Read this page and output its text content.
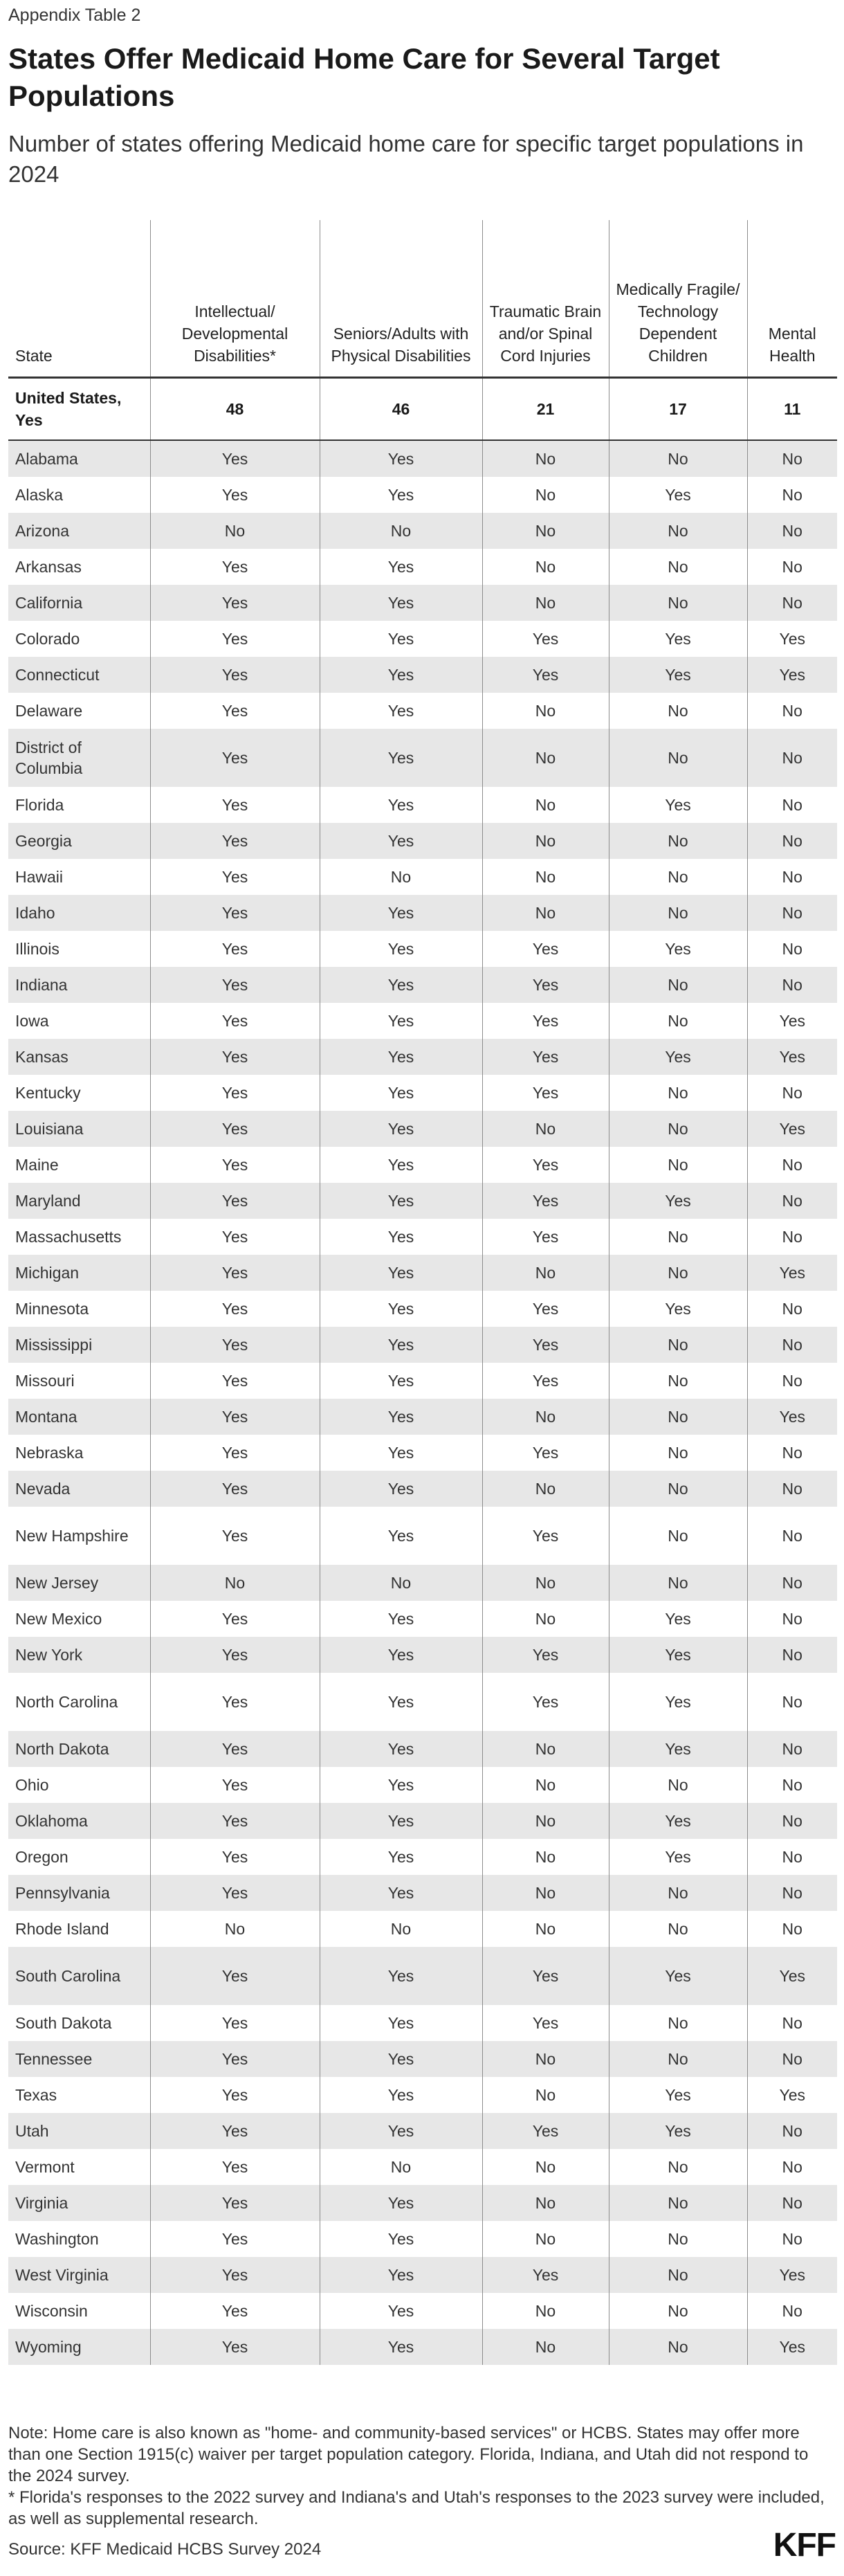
Appendix Table 2
States Offer Medicaid Home Care for Several Target Populations
Number of states offering Medicaid home care for specific target populations in 2024
State	Intellectual/ Developmental Disabilities*	Seniors/Adults with Physical Disabilities	Traumatic Brain and/or Spinal Cord Injuries	Medically Fragile/ Technology Dependent Children	Mental Health
United States, Yes	48	46	21	17	11
Alabama	Yes	Yes	No	No	No
Alaska	Yes	Yes	No	Yes	No
Arizona	No	No	No	No	No
Arkansas	Yes	Yes	No	No	No
California	Yes	Yes	No	No	No
Colorado	Yes	Yes	Yes	Yes	Yes
Connecticut	Yes	Yes	Yes	Yes	Yes
Delaware	Yes	Yes	No	No	No
District of Columbia	Yes	Yes	No	No	No
Florida	Yes	Yes	No	Yes	No
Georgia	Yes	Yes	No	No	No
Hawaii	Yes	No	No	No	No
Idaho	Yes	Yes	No	No	No
Illinois	Yes	Yes	Yes	Yes	No
Indiana	Yes	Yes	Yes	No	No
Iowa	Yes	Yes	Yes	No	Yes
Kansas	Yes	Yes	Yes	Yes	Yes
Kentucky	Yes	Yes	Yes	No	No
Louisiana	Yes	Yes	No	No	Yes
Maine	Yes	Yes	Yes	No	No
Maryland	Yes	Yes	Yes	Yes	No
Massachusetts	Yes	Yes	Yes	No	No
Michigan	Yes	Yes	No	No	Yes
Minnesota	Yes	Yes	Yes	Yes	No
Mississippi	Yes	Yes	Yes	No	No
Missouri	Yes	Yes	Yes	No	No
Montana	Yes	Yes	No	No	Yes
Nebraska	Yes	Yes	Yes	No	No
Nevada	Yes	Yes	No	No	No
New Hampshire	Yes	Yes	Yes	No	No
New Jersey	No	No	No	No	No
New Mexico	Yes	Yes	No	Yes	No
New York	Yes	Yes	Yes	Yes	No
North Carolina	Yes	Yes	Yes	Yes	No
North Dakota	Yes	Yes	No	Yes	No
Ohio	Yes	Yes	No	No	No
Oklahoma	Yes	Yes	No	Yes	No
Oregon	Yes	Yes	No	Yes	No
Pennsylvania	Yes	Yes	No	No	No
Rhode Island	No	No	No	No	No
South Carolina	Yes	Yes	Yes	Yes	Yes
South Dakota	Yes	Yes	Yes	No	No
Tennessee	Yes	Yes	No	No	No
Texas	Yes	Yes	No	Yes	Yes
Utah	Yes	Yes	Yes	Yes	No
Vermont	Yes	No	No	No	No
Virginia	Yes	Yes	No	No	No
Washington	Yes	Yes	No	No	No
West Virginia	Yes	Yes	Yes	No	Yes
Wisconsin	Yes	Yes	No	No	No
Wyoming	Yes	Yes	No	No	Yes
Note: Home care is also known as "home- and community-based services" or HCBS. States may offer more than one Section 1915(c) waiver per target population category. Florida, Indiana, and Utah did not respond to the 2024 survey.
* Florida's responses to the 2022 survey and Indiana's and Utah's responses to the 2023 survey were included, as well as supplemental research.
Source: KFF Medicaid HCBS Survey 2024	KFF
